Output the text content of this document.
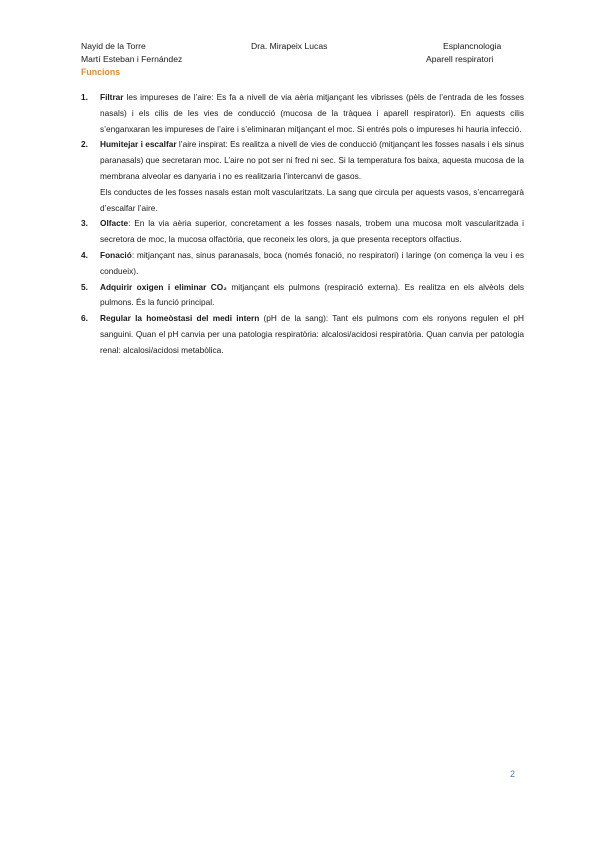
Nayid de la Torre
Martí Esteban i Fernández
Dra. Mirapeix Lucas	Esplancnologia
Aparell respiratori
Funcions
1. Filtrar les impureses de l’aire: Es fa a nivell de via aèria mitjançant les vibrisses (pèls de l’entrada de les fosses nasals) i els cilis de les vies de conducció (mucosa de la tràquea i aparell respiratori). En aquests cilis s’enganxaran les impureses de l’aire i s’eliminaran mitjançant el moc. Si entrés pols o impureses hi hauria infecció.

2. Humitejar i escalfar l’aire inspirat: Es realitza a nivell de vies de conducció (mitjançant les fosses nasals i els sinus paranasals) que secretaran moc. L’aire no pot ser ni fred ni sec. Si la temperatura fos baixa, aquesta mucosa de la membrana alveolar es danyaria i no es realitzaria l’intercanvi de gasos.

Els conductes de les fosses nasals estan molt vascularitzats. La sang que circula per aquests vasos, s’encarregarà d’escalfar l’aire.

3. Olfacte: En la via aèria superior, concretament a les fosses nasals, trobem una mucosa molt vascularitzada i secretora de moc, la mucosa olfactòria, que reconeix les olors, ja que presenta receptors olfactius.

4. Fonació: mitjançant nas, sinus paranasals, boca (només fonació, no respiratori) i laringe (on comença la veu i es condueix).

5. Adquirir oxigen i eliminar CO₂ mitjançant els pulmons (respiració externa). Es realitza en els alvèols dels pulmons. És la funció principal.

6. Regular la homeòstasi del medi intern (pH de la sang): Tant els pulmons com els ronyons regulen el pH sanguini. Quan el pH canvia per una patologia respiratòria: alcalosi/acidosi respiratòria. Quan canvia per patologia renal: alcalosi/acidosi metabòlica.

2
